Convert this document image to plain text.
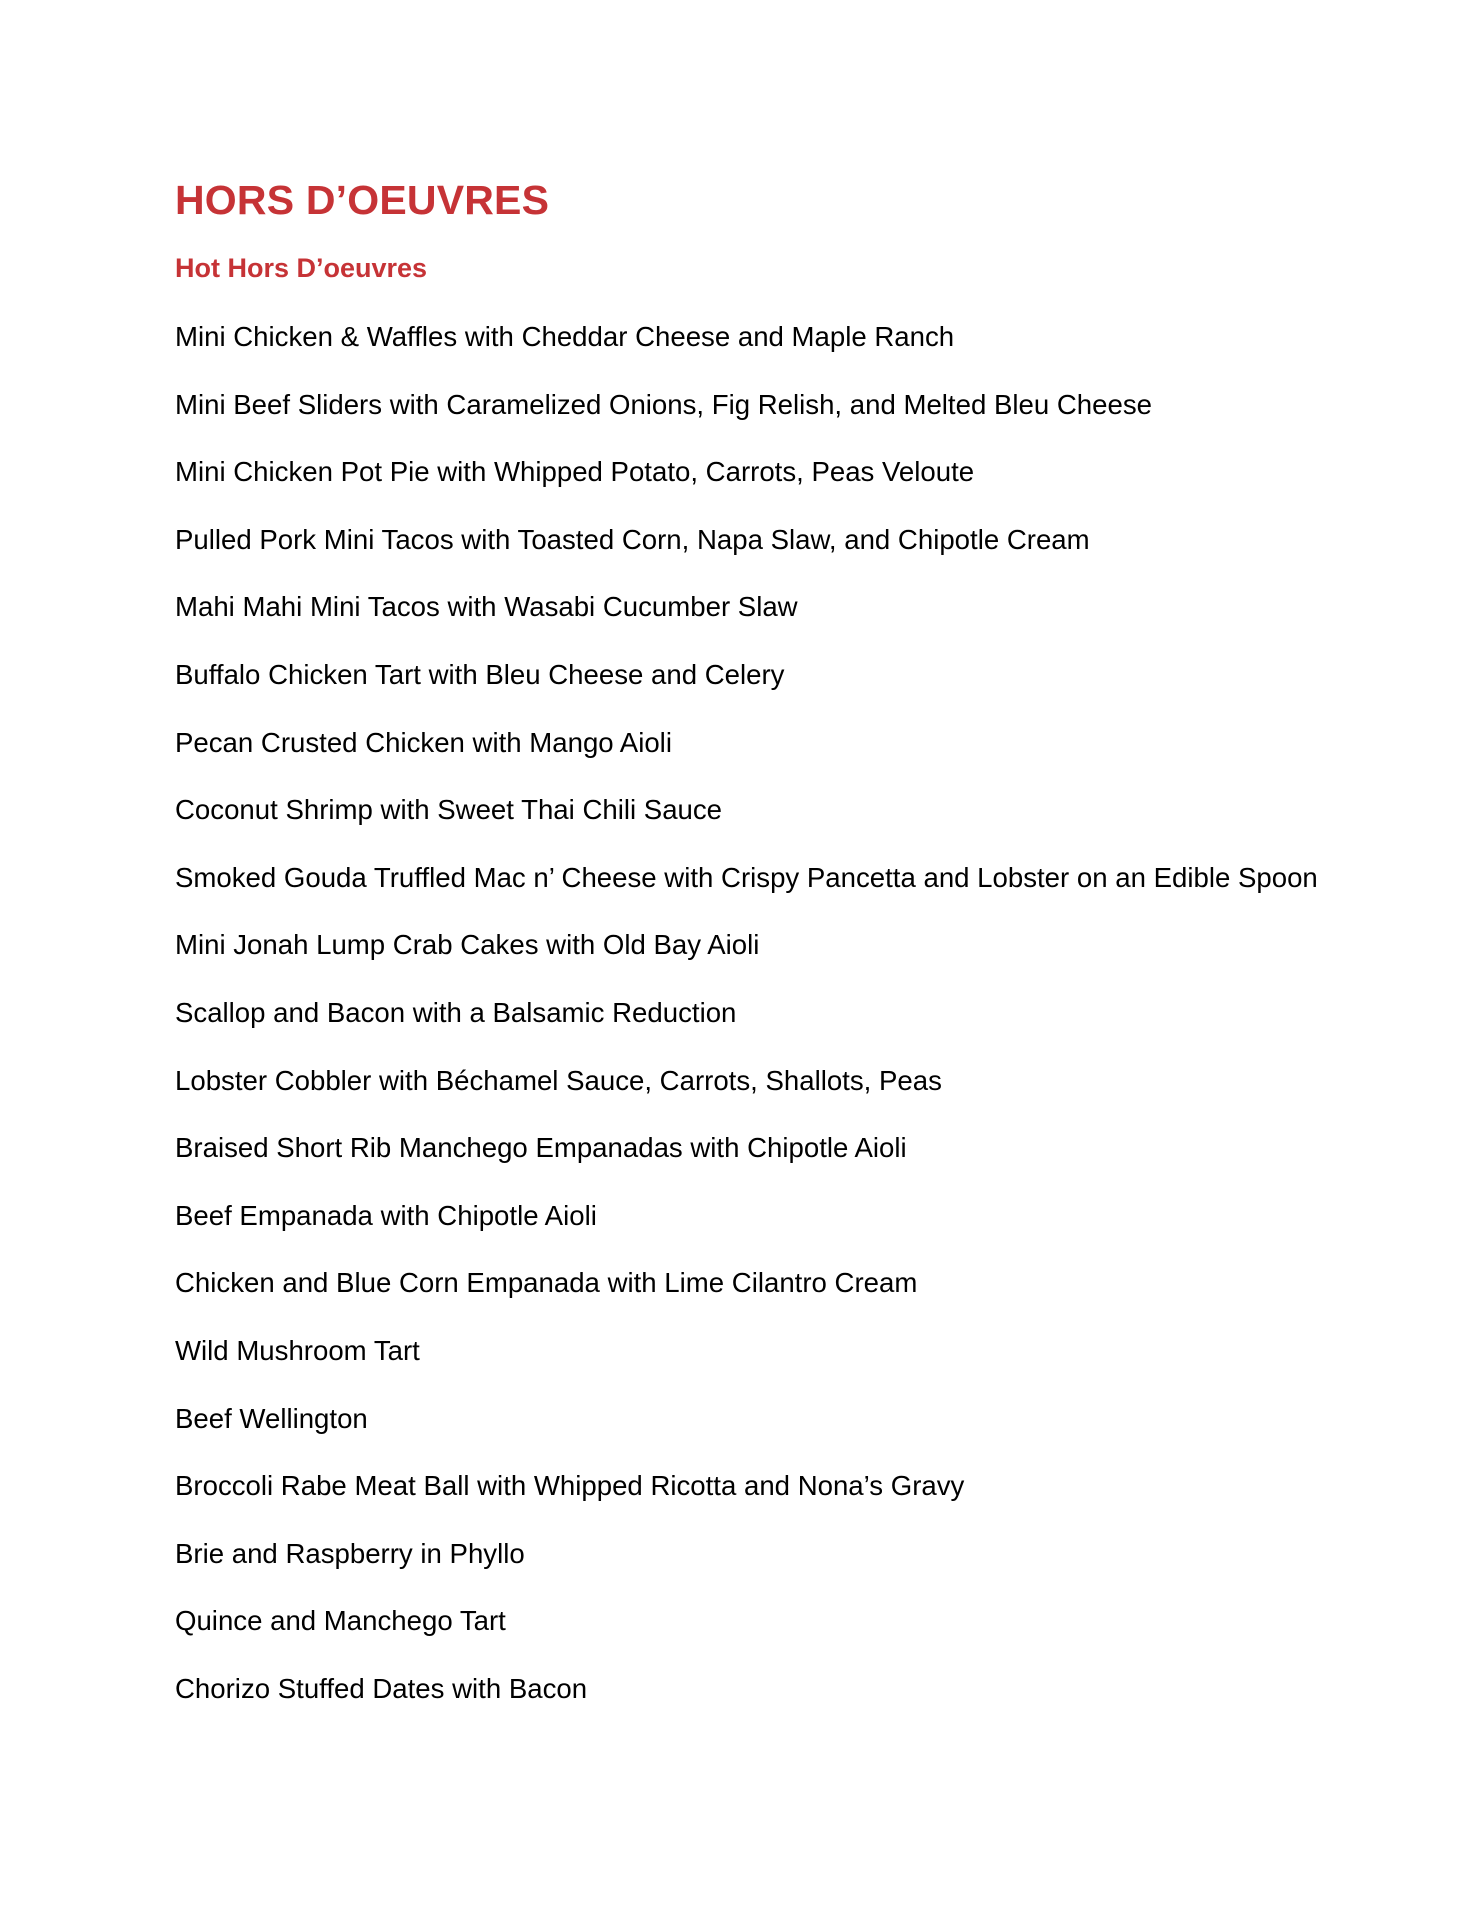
HORS D’OEUVRES
Hot Hors D’oeuvres
Mini Chicken & Waffles with Cheddar Cheese and Maple Ranch
Mini Beef Sliders with Caramelized Onions, Fig Relish, and Melted Bleu Cheese
Mini Chicken Pot Pie with Whipped Potato, Carrots, Peas Veloute
Pulled Pork Mini Tacos with Toasted Corn, Napa Slaw, and Chipotle Cream
Mahi Mahi Mini Tacos with Wasabi Cucumber Slaw
Buffalo Chicken Tart with Bleu Cheese and Celery
Pecan Crusted Chicken with Mango Aioli
Coconut Shrimp with Sweet Thai Chili Sauce
Smoked Gouda Truffled Mac n’ Cheese with Crispy Pancetta and Lobster on an Edible Spoon
Mini Jonah Lump Crab Cakes with Old Bay Aioli
Scallop and Bacon with a Balsamic Reduction
Lobster Cobbler with Béchamel Sauce, Carrots, Shallots, Peas
Braised Short Rib Manchego Empanadas with Chipotle Aioli
Beef Empanada with Chipotle Aioli
Chicken and Blue Corn Empanada with Lime Cilantro Cream
Wild Mushroom Tart
Beef Wellington
Broccoli Rabe Meat Ball with Whipped Ricotta and Nona’s Gravy
Brie and Raspberry in Phyllo
Quince and Manchego Tart
Chorizo Stuffed Dates with Bacon
